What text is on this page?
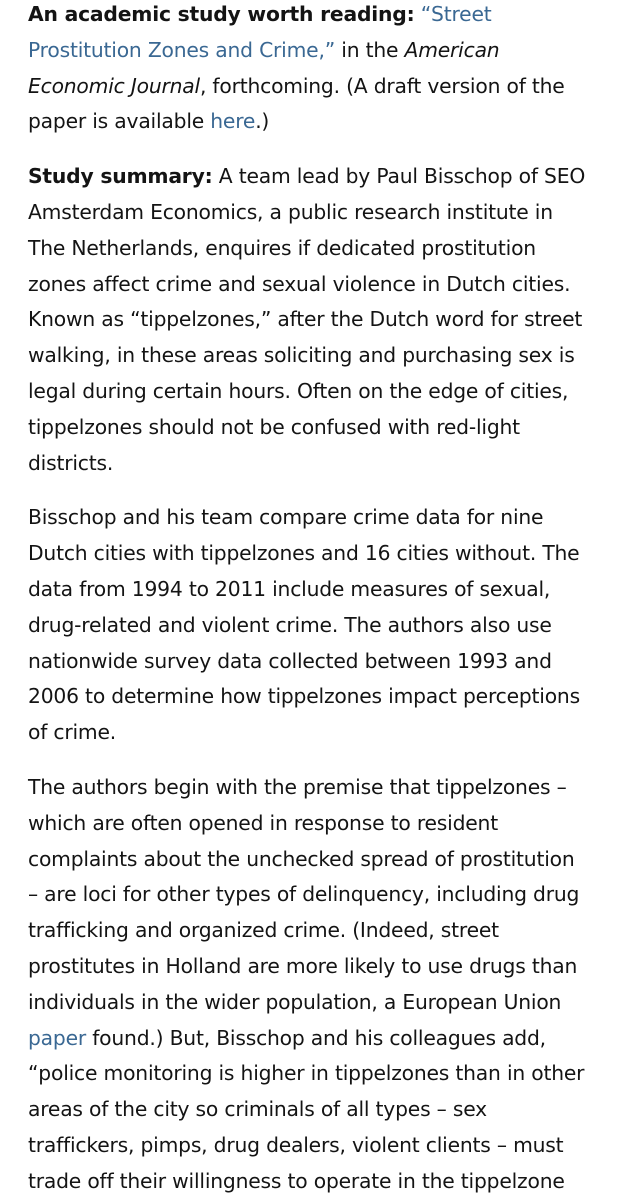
An academic study worth reading: “Street
Prostitution Zones and Crime,” in the American
Economic Journal, forthcoming. (A draft version of the
paper is available here.)

Study summary: A team lead by Paul Bisschop of SEO
Amsterdam Economics, a public research institute in
The Netherlands, enquires if dedicated prostitution
zones affect crime and sexual violence in Dutch cities.
Known as “tippelzones,” after the Dutch word for street
walking, in these areas soliciting and purchasing sex is
legal during certain hours. Often on the edge of cities,
tippelzones should not be confused with red-light
districts.

Bisschop and his team compare crime data for nine
Dutch cities with tippelzones and 16 cities without. The
data from 1994 to 2011 include measures of sexual,
drug-related and violent crime. The authors also use
nationwide survey data collected between 1993 and
2006 to determine how tippelzones impact perceptions
of crime.

The authors begin with the premise that tippelzones –
which are often opened in response to resident
complaints about the unchecked spread of prostitution
– are loci for other types of delinquency, including drug
trafficking and organized crime. (Indeed, street
prostitutes in Holland are more likely to use drugs than
individuals in the wider population, a European Union
paper found.) But, Bisschop and his colleagues add,
“police monitoring is higher in tippelzones than in other
areas of the city so criminals of all types – sex
traffickers, pimps, drug dealers, violent clients – must
trade off their willingness to operate in the tippelzone
